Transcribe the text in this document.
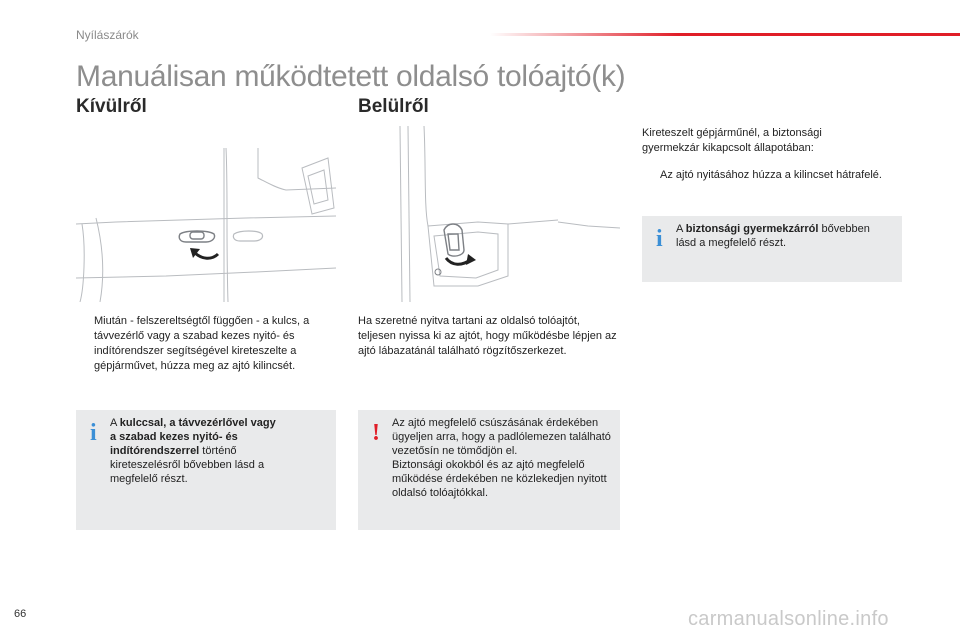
Nyílászárók
Manuálisan működtetett oldalsó tolóajtó(k)
Kívülről	Belülről
Miután - felszereltségtől függően - a kulcs, a távvezérlő vagy a szabad kezes nyitó- és indítórendszer segítségével kireteszelte a gépjárművet, húzza meg az ajtó kilincsét.
i A kulccsal, a távvezérlővel vagy a szabad kezes nyitó- és indítórendszerrel történő kireteszelésről bővebben lásd a megfelelő részt.
Ha szeretné nyitva tartani az oldalsó tolóajtót, teljesen nyissa ki az ajtót, hogy működésbe lépjen az ajtó lábazatánál található rögzítőszerkezet.
! Az ajtó megfelelő csúszásának érdekében ügyeljen arra, hogy a padlólemezen található vezetősín ne tömődjön el.
Biztonsági okokból és az ajtó megfelelő működése érdekében ne közlekedjen nyitott oldalsó tolóajtókkal.
Kireteszelt gépjárműnél, a biztonsági gyermekzár kikapcsolt állapotában:
Az ajtó nyitásához húzza a kilincset hátrafelé.
i A biztonsági gyermekzárról bővebben lásd a megfelelő részt.
66	carmanualsonline.info
